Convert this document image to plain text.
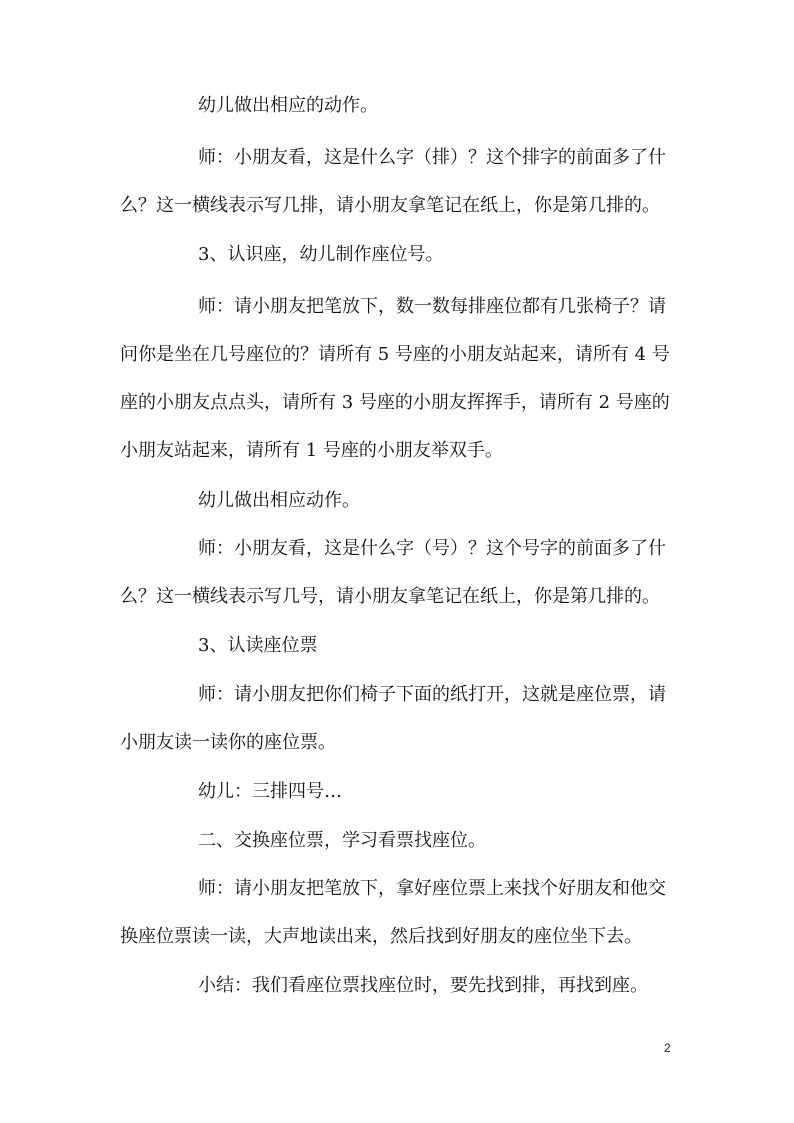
幼儿做出相应的动作。

师：小朋友看，这是什么字（排）？这个排字的前面多了什么？这一横线表示写几排，请小朋友拿笔记在纸上，你是第几排的。

3、认识座，幼儿制作座位号。

师：请小朋友把笔放下，数一数每排座位都有几张椅子？请问你是坐在几号座位的？请所有 5 号座的小朋友站起来，请所有 4 号座的小朋友点点头，请所有 3 号座的小朋友挥挥手，请所有 2 号座的小朋友站起来，请所有 1 号座的小朋友举双手。

幼儿做出相应动作。

师：小朋友看，这是什么字（号）？这个号字的前面多了什么？这一横线表示写几号，请小朋友拿笔记在纸上，你是第几排的。

3、认读座位票

师：请小朋友把你们椅子下面的纸打开，这就是座位票，请小朋友读一读你的座位票。

幼儿：三排四号…

二、交换座位票，学习看票找座位。

师：请小朋友把笔放下，拿好座位票上来找个好朋友和他交换座位票读一读，大声地读出来，然后找到好朋友的座位坐下去。

小结：我们看座位票找座位时，要先找到排，再找到座。

2
